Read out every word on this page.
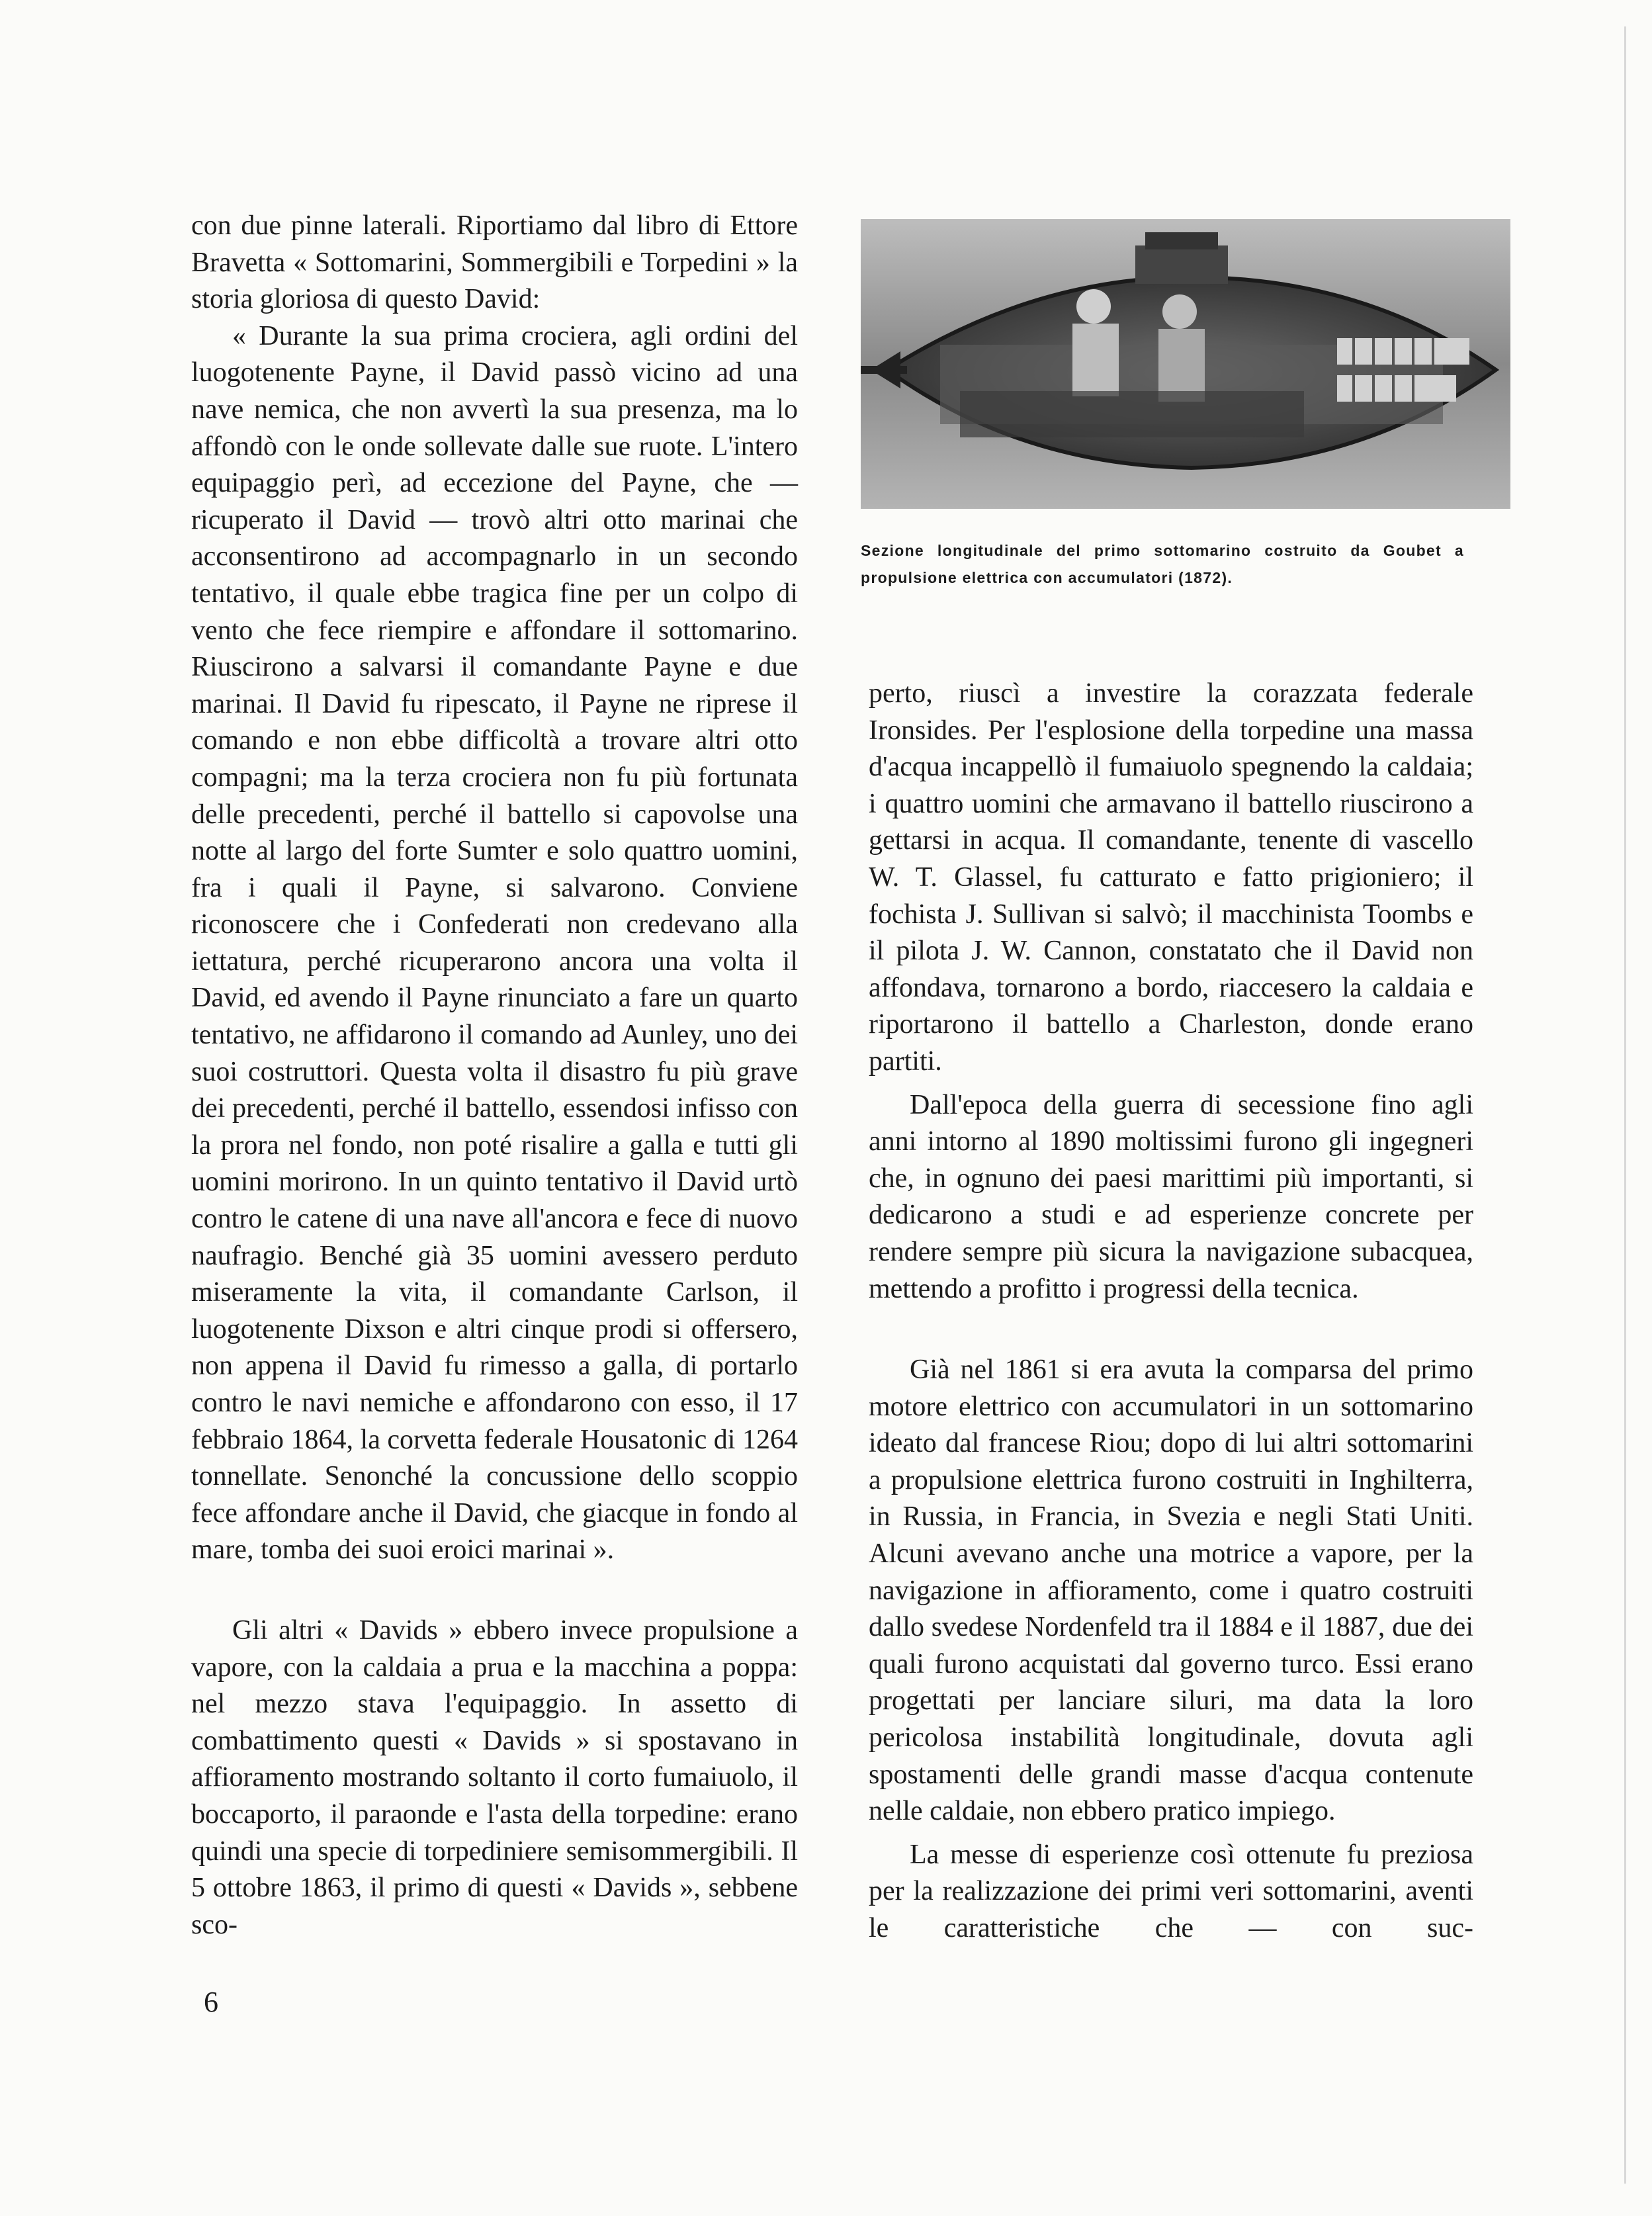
con due pinne laterali. Riportiamo dal libro di Ettore Bravetta « Sottomarini, Sommergibili e Torpedini » la storia gloriosa di questo David:

« Durante la sua prima crociera, agli ordini del luogotenente Payne, il David passò vicino ad una nave nemica, che non avvertì la sua presenza, ma lo affondò con le onde sollevate dalle sue ruote. L'intero equipaggio perì, ad eccezione del Payne, che — ricuperato il David — trovò altri otto marinai che acconsentirono ad accompagnarlo in un secondo tentativo, il quale ebbe tragica fine per un colpo di vento che fece riempire e affondare il sottomarino. Riuscirono a salvarsi il comandante Payne e due marinai. Il David fu ripescato, il Payne ne riprese il comando e non ebbe difficoltà a trovare altri otto compagni; ma la terza crociera non fu più fortunata delle precedenti, perché il battello si capovolse una notte al largo del forte Sumter e solo quattro uomini, fra i quali il Payne, si salvarono. Conviene riconoscere che i Confederati non credevano alla iettatura, perché ricuperarono ancora una volta il David, ed avendo il Payne rinunciato a fare un quarto tentativo, ne affidarono il comando ad Aunley, uno dei suoi costruttori. Questa volta il disastro fu più grave dei precedenti, perché il battello, essendosi infisso con la prora nel fondo, non poté risalire a galla e tutti gli uomini morirono. In un quinto tentativo il David urtò contro le catene di una nave all'ancora e fece di nuovo naufragio. Benché già 35 uomini avessero perduto miseramente la vita, il comandante Carlson, il luogotenente Dixson e altri cinque prodi si offersero, non appena il David fu rimesso a galla, di portarlo contro le navi nemiche e affondarono con esso, il 17 febbraio 1864, la corvetta federale Housatonic di 1264 tonnellate. Senonché la concussione dello scoppio fece affondare anche il David, che giacque in fondo al mare, tomba dei suoi eroici marinai ».

Gli altri « Davids » ebbero invece propulsione a vapore, con la caldaia a prua e la macchina a poppa: nel mezzo stava l'equipaggio. In assetto di combattimento questi « Davids » si spostavano in affioramento mostrando soltanto il corto fumaiuolo, il boccaporto, il paraonde e l'asta della torpedine: erano quindi una specie di torpediniere semisommergibili. Il 5 ottobre 1863, il primo di questi « Davids », sebbene sco-

Sezione longitudinale del primo sottomarino costruito da Goubet a propulsione elettrica con accumulatori (1872).

perto, riuscì a investire la corazzata federale Ironsides. Per l'esplosione della torpedine una massa d'acqua incappellò il fumaiuolo spegnendo la caldaia; i quattro uomini che armavano il battello riuscirono a gettarsi in acqua. Il comandante, tenente di vascello W. T. Glassel, fu catturato e fatto prigioniero; il fochista J. Sullivan si salvò; il macchinista Toombs e il pilota J. W. Cannon, constatato che il David non affondava, tornarono a bordo, riaccesero la caldaia e riportarono il battello a Charleston, donde erano partiti.

Dall'epoca della guerra di secessione fino agli anni intorno al 1890 moltissimi furono gli ingegneri che, in ognuno dei paesi marittimi più importanti, si dedicarono a studi e ad esperienze concrete per rendere sempre più sicura la navigazione subacquea, mettendo a profitto i progressi della tecnica.

Già nel 1861 si era avuta la comparsa del primo motore elettrico con accumulatori in un sottomarino ideato dal francese Riou; dopo di lui altri sottomarini a propulsione elettrica furono costruiti in Inghilterra, in Russia, in Francia, in Svezia e negli Stati Uniti. Alcuni avevano anche una motrice a vapore, per la navigazione in affioramento, come i quatro costruiti dallo svedese Nordenfeld tra il 1884 e il 1887, due dei quali furono acquistati dal governo turco. Essi erano progettati per lanciare siluri, ma data la loro pericolosa instabilità longitudinale, dovuta agli spostamenti delle grandi masse d'acqua contenute nelle caldaie, non ebbero pratico impiego.

La messe di esperienze così ottenute fu preziosa per la realizzazione dei primi veri sottomarini, aventi le caratteristiche che — con suc-

6
